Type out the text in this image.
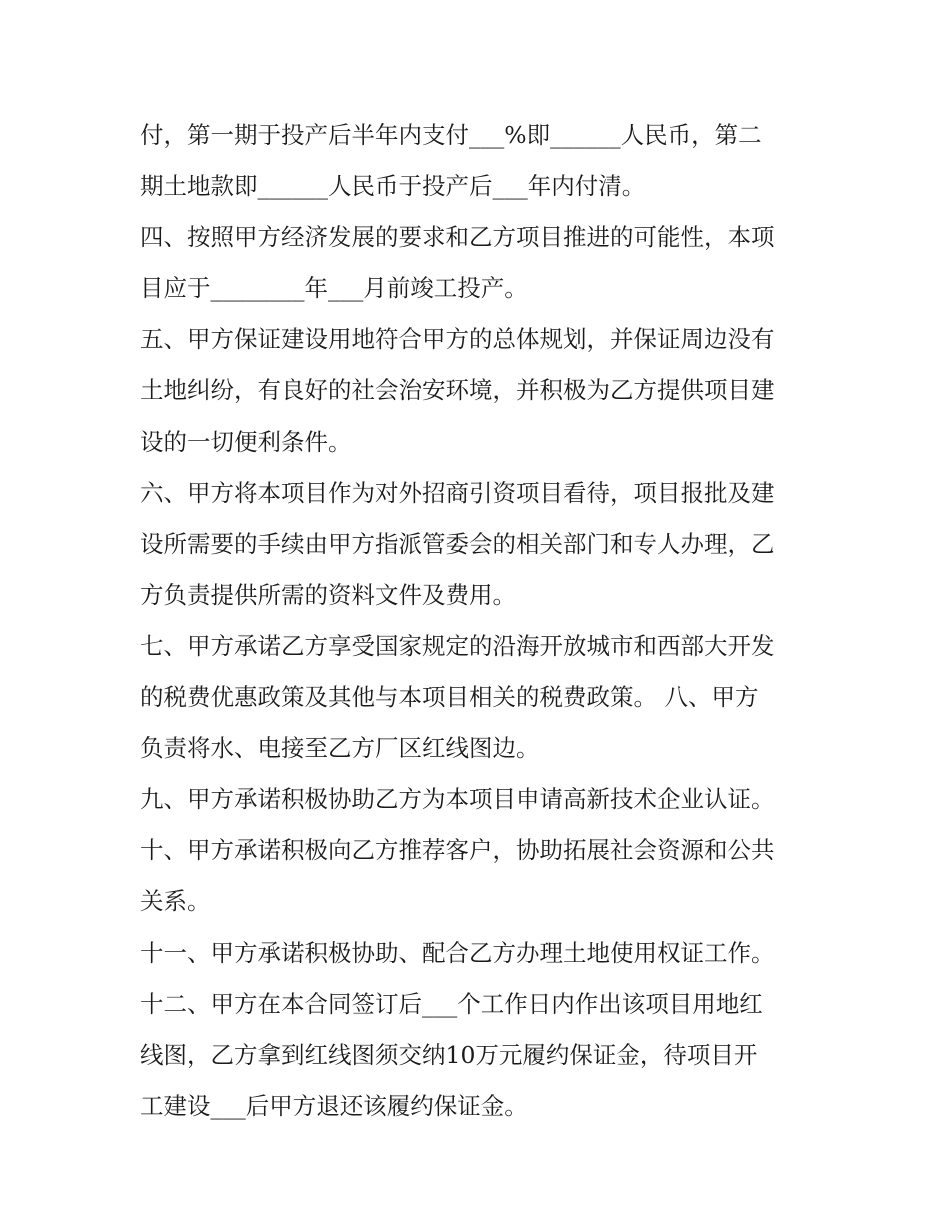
付，第一期于投产后半年内支付___%即______人民币，第二
期土地款即______人民币于投产后___年内付清。
四、按照甲方经济发展的要求和乙方项目推进的可能性，本项
目应于________年___月前竣工投产。
五、甲方保证建设用地符合甲方的总体规划，并保证周边没有
土地纠纷，有良好的社会治安环境，并积极为乙方提供项目建
设的一切便利条件。
六、甲方将本项目作为对外招商引资项目看待，项目报批及建
设所需要的手续由甲方指派管委会的相关部门和专人办理，乙
方负责提供所需的资料文件及费用。
七、甲方承诺乙方享受国家规定的沿海开放城市和西部大开发
的税费优惠政策及其他与本项目相关的税费政策。 八、甲方
负责将水、电接至乙方厂区红线图边。
九、甲方承诺积极协助乙方为本项目申请高新技术企业认证。
十、甲方承诺积极向乙方推荐客户，协助拓展社会资源和公共
关系。
十一、甲方承诺积极协助、配合乙方办理土地使用权证工作。
十二、甲方在本合同签订后___个工作日内作出该项目用地红
线图，乙方拿到红线图须交纳10万元履约保证金，待项目开
工建设___后甲方退还该履约保证金。
